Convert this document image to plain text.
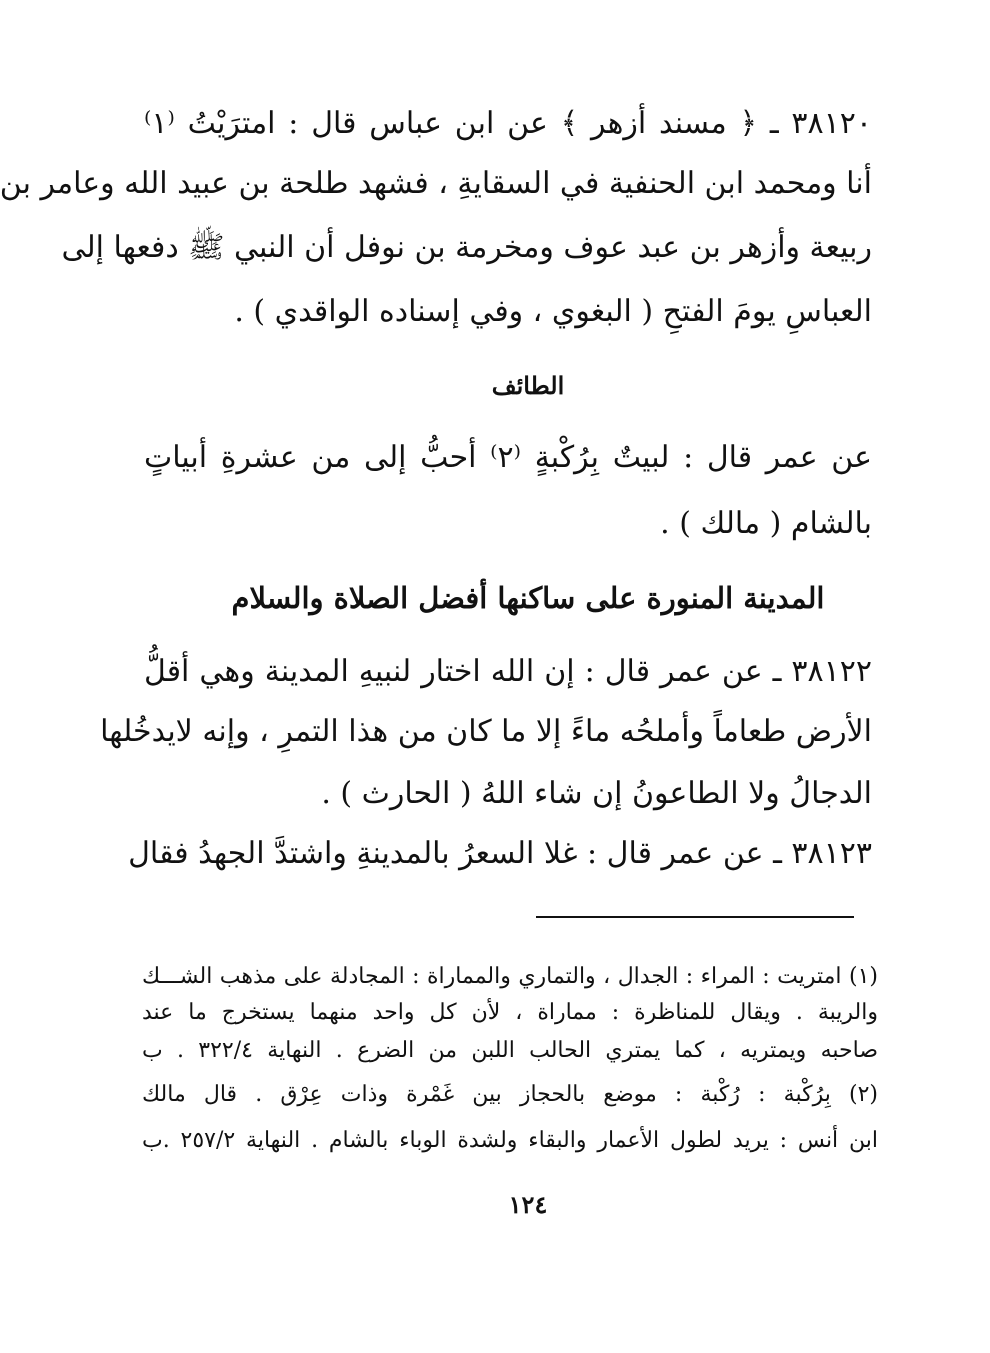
٣٨١٢٠ ـ ﴿ مسند أزهر ﴾ عن ابن عباس قال : امترَيْتُ ⁽١⁾
أنا ومحمد ابن الحنفية في السقايةِ ، فشهد طلحة بن عبيد الله وعامر بن
ربيعة وأزهر بن عبد عوف ومخرمة بن نوفل أن النبي ﷺ دفعها إلى
العباسِ يومَ الفتحِ ( البغوي ، وفي إسناده الواقدي ) .
الطائف
عن عمر قال : لبيتٌ بِرُكْبةٍ ⁽٢⁾ أحبُّ إلى من عشرةِ أبياتٍ
بالشام ( مالك ) .
المدينة المنورة على ساكنها أفضل الصلاة والسلام
٣٨١٢٢ ـ عن عمر قال : إن الله اختار لنبيهِ المدينة وهي أقلُّ
الأرض طعاماً وأملحُه ماءً إلا ما كان من هذا التمرِ ، وإنه لايدخُلها
الدجالُ ولا الطاعونُ إن شاء اللهُ ( الحارث ) .
٣٨١٢٣ ـ عن عمر قال : غلا السعرُ بالمدينةِ واشتدَّ الجهدُ فقال
(١) امتريت : المراء : الجدال ، والتماري والمماراة : المجادلة على مذهب الشـــك
والريبة . ويقال للمناظرة : مماراة ، لأن كل واحد منهما يستخرج ما عند
صاحبه ويمتريه ، كما يمتري الحالب اللبن من الضرع . النهاية ٣٢٢/٤ . ب
(٢) بِرُكْبة : رُكْبة : موضع بالحجاز بين غَمْرة وذات عِرْق . قال مالك
ابن أنس : يريد لطول الأعمار والبقاء ولشدة الوباء بالشام . النهاية ٢٥٧/٢ .ب
١٢٤
